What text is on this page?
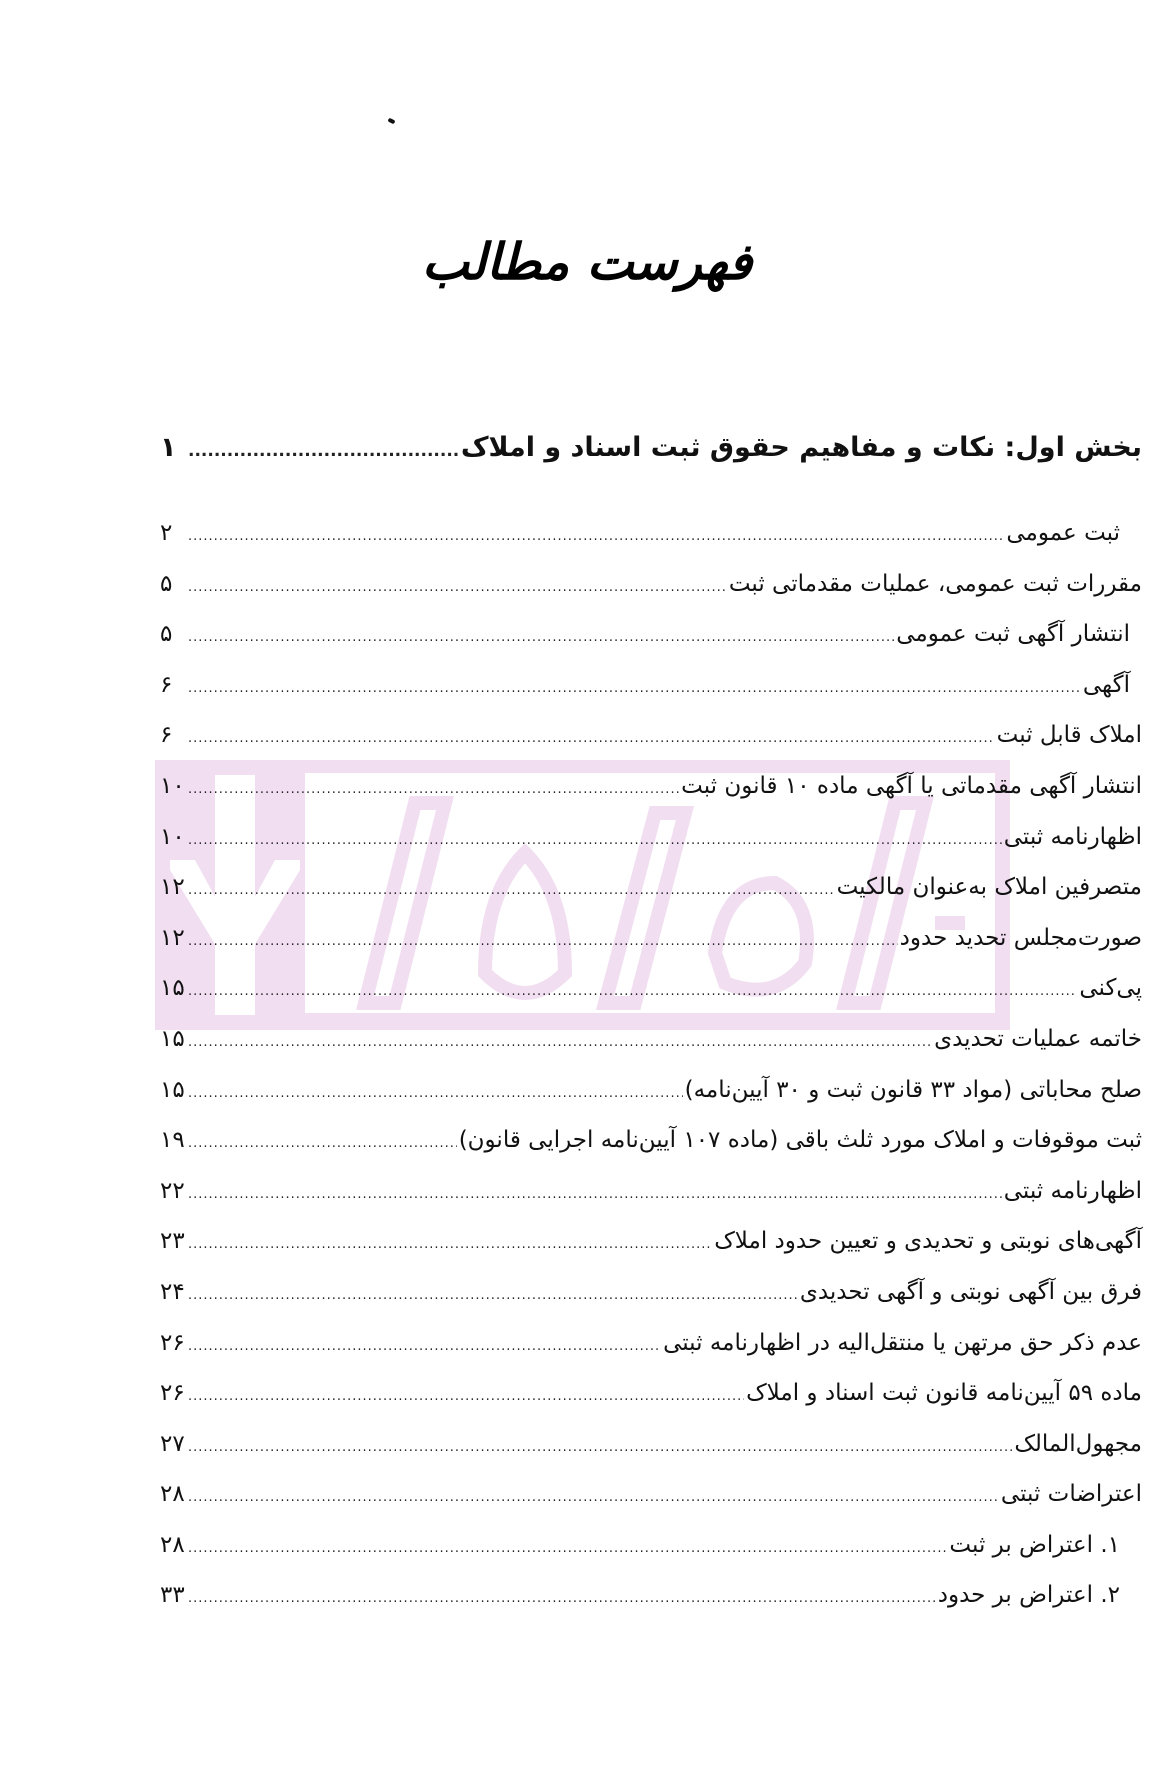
فهرست مطالب
بخش اول: نکات و مفاهیم حقوق ثبت اسناد و املاک
.....
۱
ثبت عمومی
.....
۲
مقررات ثبت عمومی، عملیات مقدماتی ثبت
.....
۵
انتشار آگهی ثبت عمومی
.....
۵
آگهی
.....
۶
املاک قابل ثبت
.....
۶
انتشار آگهی مقدماتی یا آگهی ماده ۱۰ قانون ثبت
.....
۱۰
اظهارنامه ثبتی
.....
۱۰
متصرفین املاک به‌عنوان مالکیت
.....
۱۲
صورت‌مجلس تحدید حدود
.....
۱۲
پی‌کنی
.....
۱۵
خاتمه عملیات تحدیدی
.....
۱۵
صلح محاباتی (مواد ۳۳ قانون ثبت و ۳۰ آیین‌نامه)
.....
۱۵
ثبت موقوفات و املاک مورد ثلث باقی (ماده ۱۰۷ آیین‌نامه اجرایی قانون)
.....
۱۹
اظهارنامه ثبتی
.....
۲۲
آگهی‌های نوبتی و تحدیدی و تعیین حدود املاک
.....
۲۳
فرق بین آگهی نوبتی و آگهی تحدیدی
.....
۲۴
عدم ذکر حق مرتهن یا منتقل‌الیه در اظهارنامه ثبتی
.....
۲۶
ماده ۵۹ آیین‌نامه قانون ثبت اسناد و املاک
.....
۲۶
مجهول‌المالک
.....
۲۷
اعتراضات ثبتی
.....
۲۸
۱. اعتراض بر ثبت
.....
۲۸
۲. اعتراض بر حدود
.....
۳۳
